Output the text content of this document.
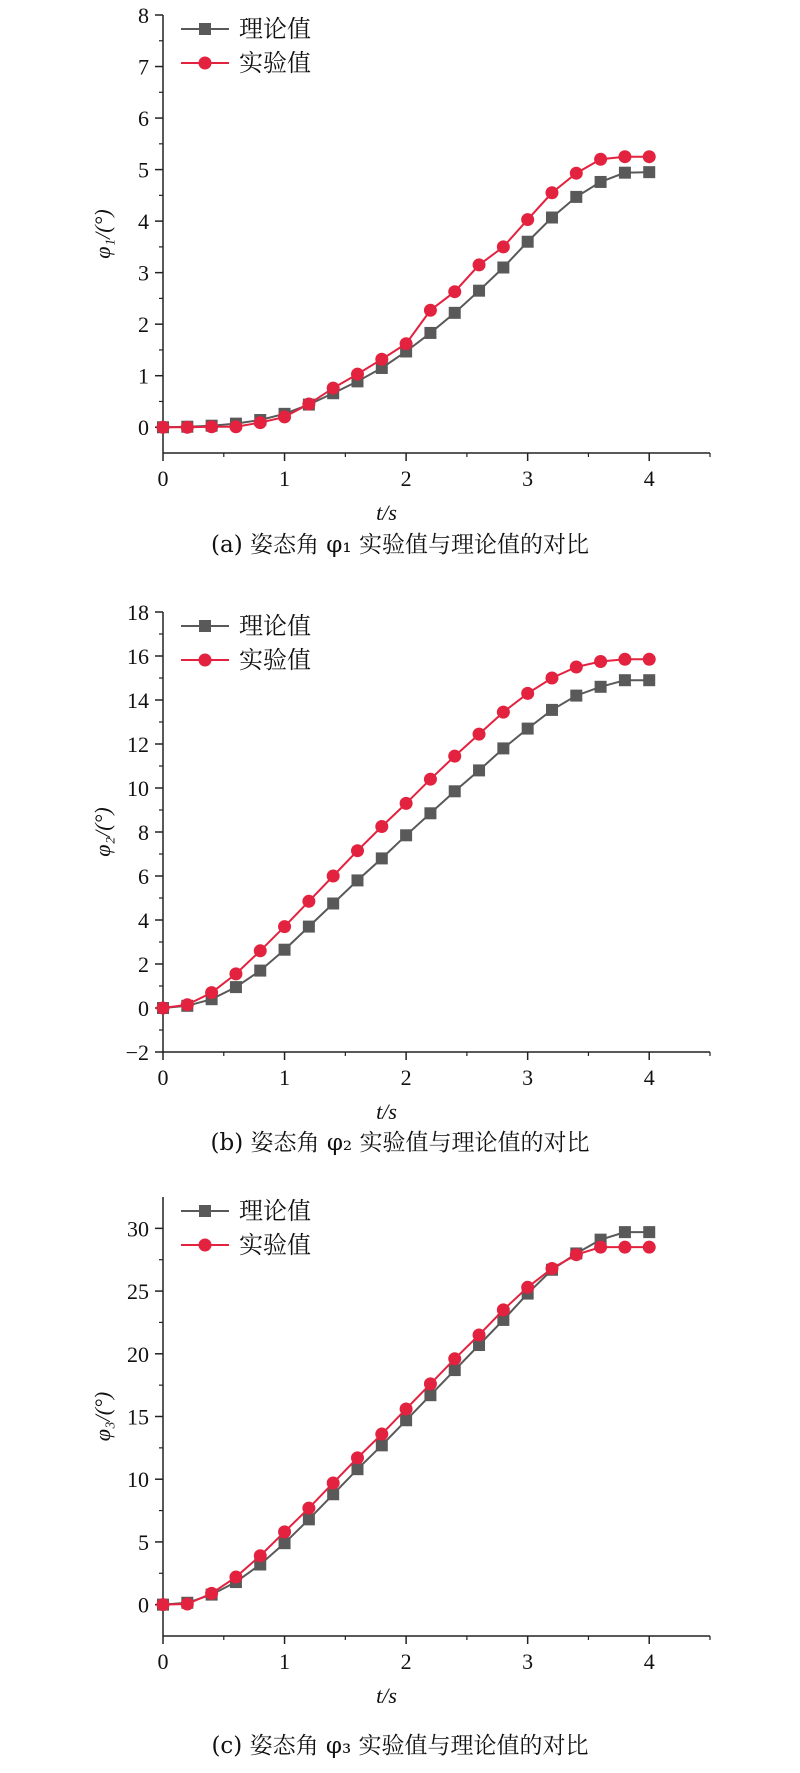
0
1
2
3
4
5
6
7
8
0	1	2	3	4
t/s
φ₁/(°)
理论值
实验值
(a) 姿态角 φ₁ 实验值与理论值的对比
−2
0
2
4
6
8
10
12
14
16
18
0	1	2	3	4
t/s
φ₂/(°)
理论值
实验值
(b) 姿态角 φ₂ 实验值与理论值的对比
0
5
10
15
20
25
30
0	1	2	3	4
t/s
φ₃/(°)
理论值
实验值
(c) 姿态角 φ₃ 实验值与理论值的对比
